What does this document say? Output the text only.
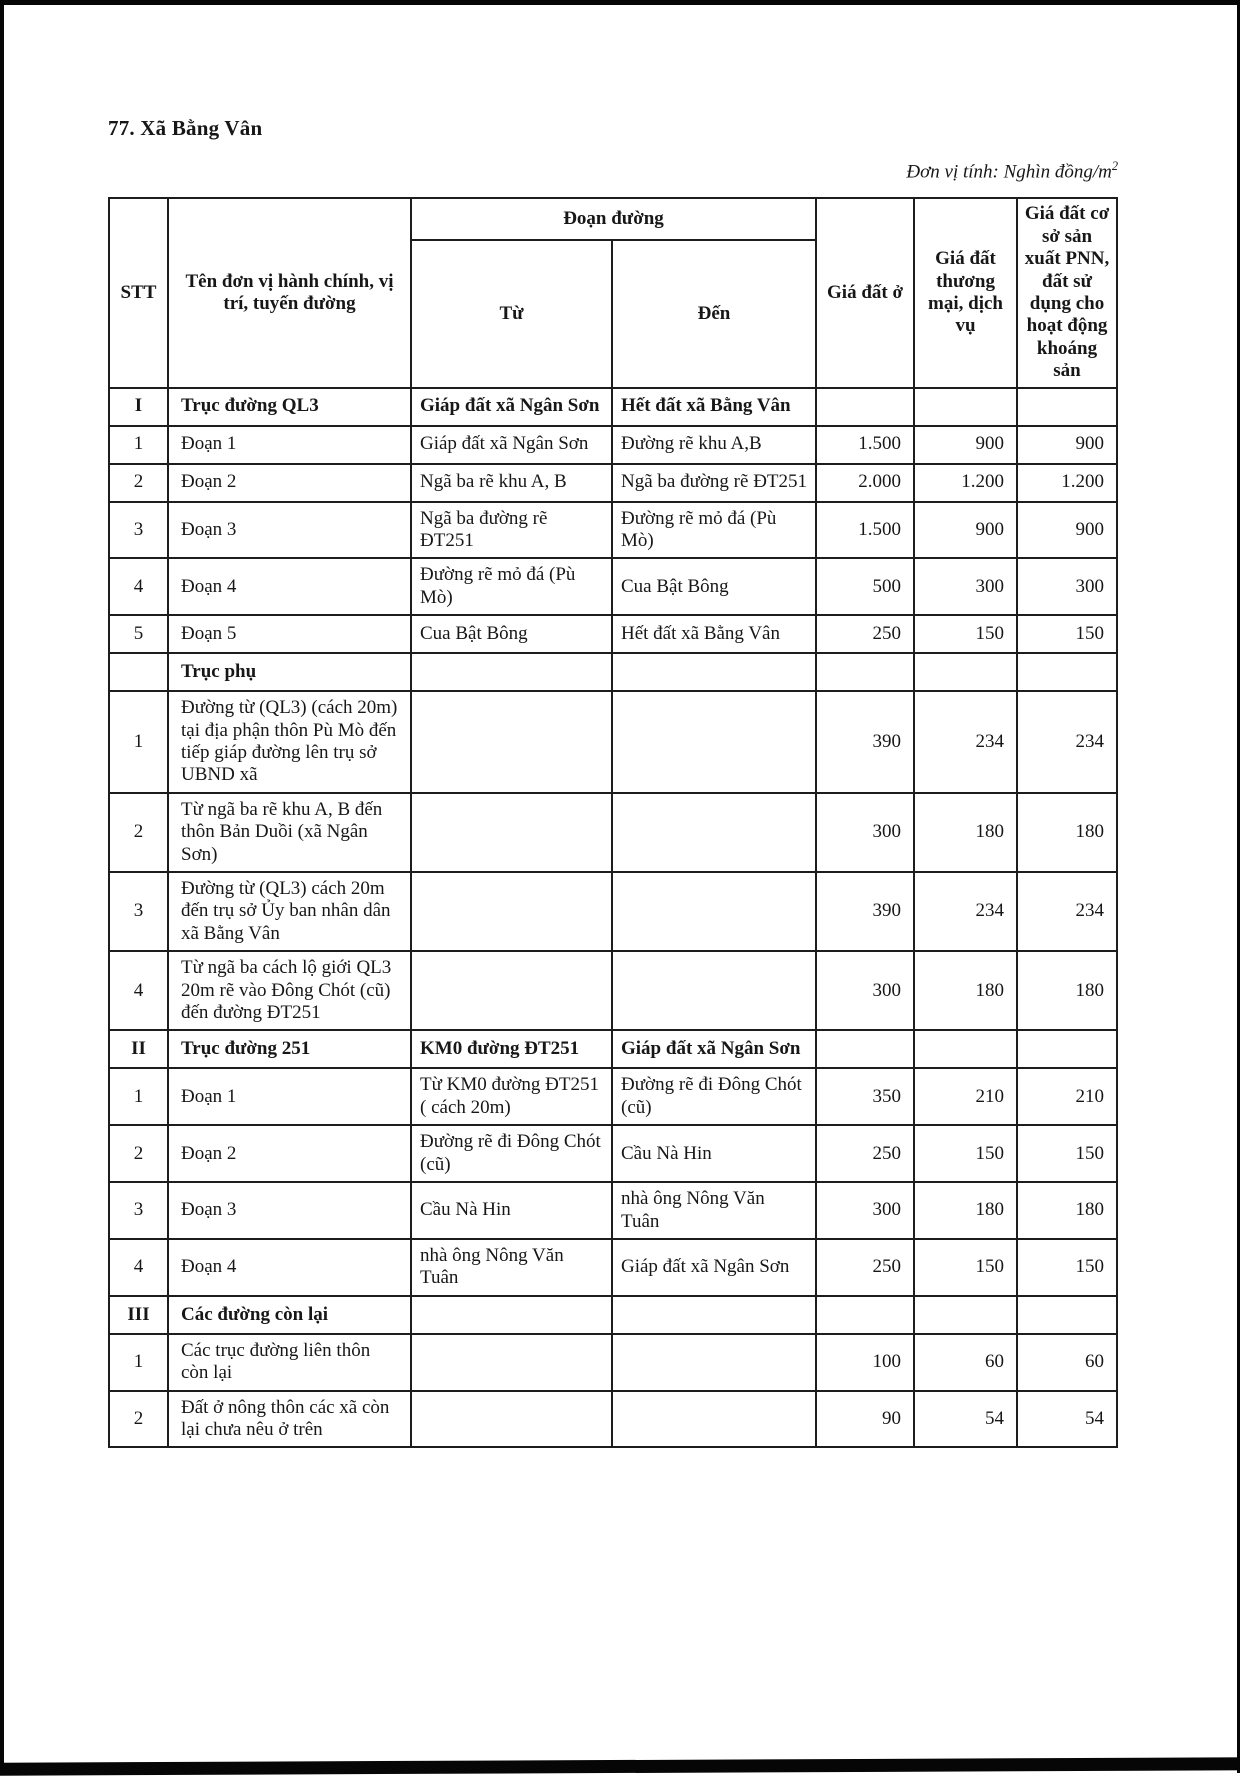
77. Xã Bằng Vân
Đơn vị tính: Nghìn đồng/$m^2$
STT	Tên đơn vị hành chính, vị trí, tuyến đường	Đoạn đường		Giá đất ở	Giá đất thương mại, dịch vụ	Giá đất cơ sở sản xuất PNN, đất sử dụng cho hoạt động khoáng sản
		Từ	Đến			
I	Trục đường QL3	Giáp đất xã Ngân Sơn	Hết đất xã Bằng Vân			
1	Đoạn 1	Giáp đất xã Ngân Sơn	Đường rẽ khu A,B	1.500	900	900
2	Đoạn 2	Ngã ba rẽ khu A, B	Ngã ba đường rẽ ĐT251	2.000	1.200	1.200
3	Đoạn 3	Ngã ba đường rẽ ĐT251	Đường rẽ mỏ đá (Pù Mò)	1.500	900	900
4	Đoạn 4	Đường rẽ mỏ đá (Pù Mò)	Cua Bật Bông	500	300	300
5	Đoạn 5	Cua Bật Bông	Hết đất xã Bằng Vân	250	150	150
	Trục phụ					
1	Đường từ (QL3) (cách 20m) tại địa phận thôn Pù Mò đến tiếp giáp đường lên trụ sở UBND xã			390	234	234
2	Từ ngã ba rẽ khu A, B đến thôn Bản Duồi (xã Ngân Sơn)			300	180	180
3	Đường từ (QL3) cách 20m đến trụ sở Ủy ban nhân dân xã Bằng Vân			390	234	234
4	Từ ngã ba cách lộ giới QL3 20m rẽ vào Đông Chót (cũ) đến đường ĐT251			300	180	180
II	Trục đường 251	KM0 đường ĐT251	Giáp đất xã Ngân Sơn			
1	Đoạn 1	Từ KM0 đường ĐT251 ( cách 20m)	Đường rẽ đi Đông Chót (cũ)	350	210	210
2	Đoạn 2	Đường rẽ đi Đông Chót (cũ)	Cầu Nà Hin	250	150	150
3	Đoạn 3	Cầu Nà Hin	nhà ông Nông Văn Tuân	300	180	180
4	Đoạn 4	nhà ông Nông Văn Tuân	Giáp đất xã Ngân Sơn	250	150	150
III	Các đường còn lại					
1	Các trục đường liên thôn còn lại			100	60	60
2	Đất ở nông thôn các xã còn lại chưa nêu ở trên			90	54	54
